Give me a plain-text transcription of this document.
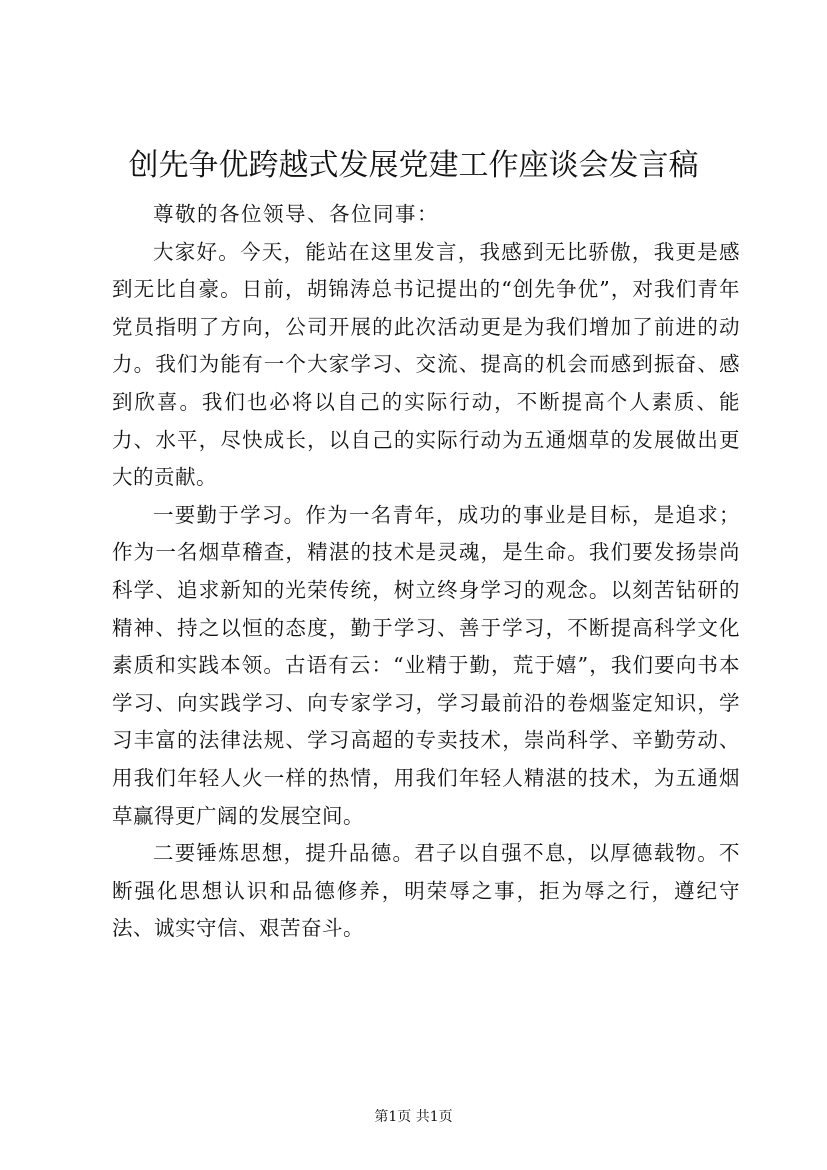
创先争优跨越式发展党建工作座谈会发言稿

尊敬的各位领导、各位同事：

大家好。今天，能站在这里发言，我感到无比骄傲，我更是感到无比自豪。日前，胡锦涛总书记提出的“创先争优”，对我们青年党员指明了方向，公司开展的此次活动更是为我们增加了前进的动力。我们为能有一个大家学习、交流、提高的机会而感到振奋、感到欣喜。我们也必将以自己的实际行动，不断提高个人素质、能力、水平，尽快成长，以自己的实际行动为五通烟草的发展做出更大的贡献。

一要勤于学习。作为一名青年，成功的事业是目标，是追求；作为一名烟草稽查，精湛的技术是灵魂，是生命。我们要发扬崇尚科学、追求新知的光荣传统，树立终身学习的观念。以刻苦钻研的精神、持之以恒的态度，勤于学习、善于学习，不断提高科学文化素质和实践本领。古语有云：“业精于勤，荒于嬉”，我们要向书本学习、向实践学习、向专家学习，学习最前沿的卷烟鉴定知识，学习丰富的法律法规、学习高超的专卖技术，崇尚科学、辛勤劳动、用我们年轻人火一样的热情，用我们年轻人精湛的技术，为五通烟草赢得更广阔的发展空间。

二要锤炼思想，提升品德。君子以自强不息，以厚德载物。不断强化思想认识和品德修养，明荣辱之事，拒为辱之行，遵纪守法、诚实守信、艰苦奋斗。

第1页 共1页
